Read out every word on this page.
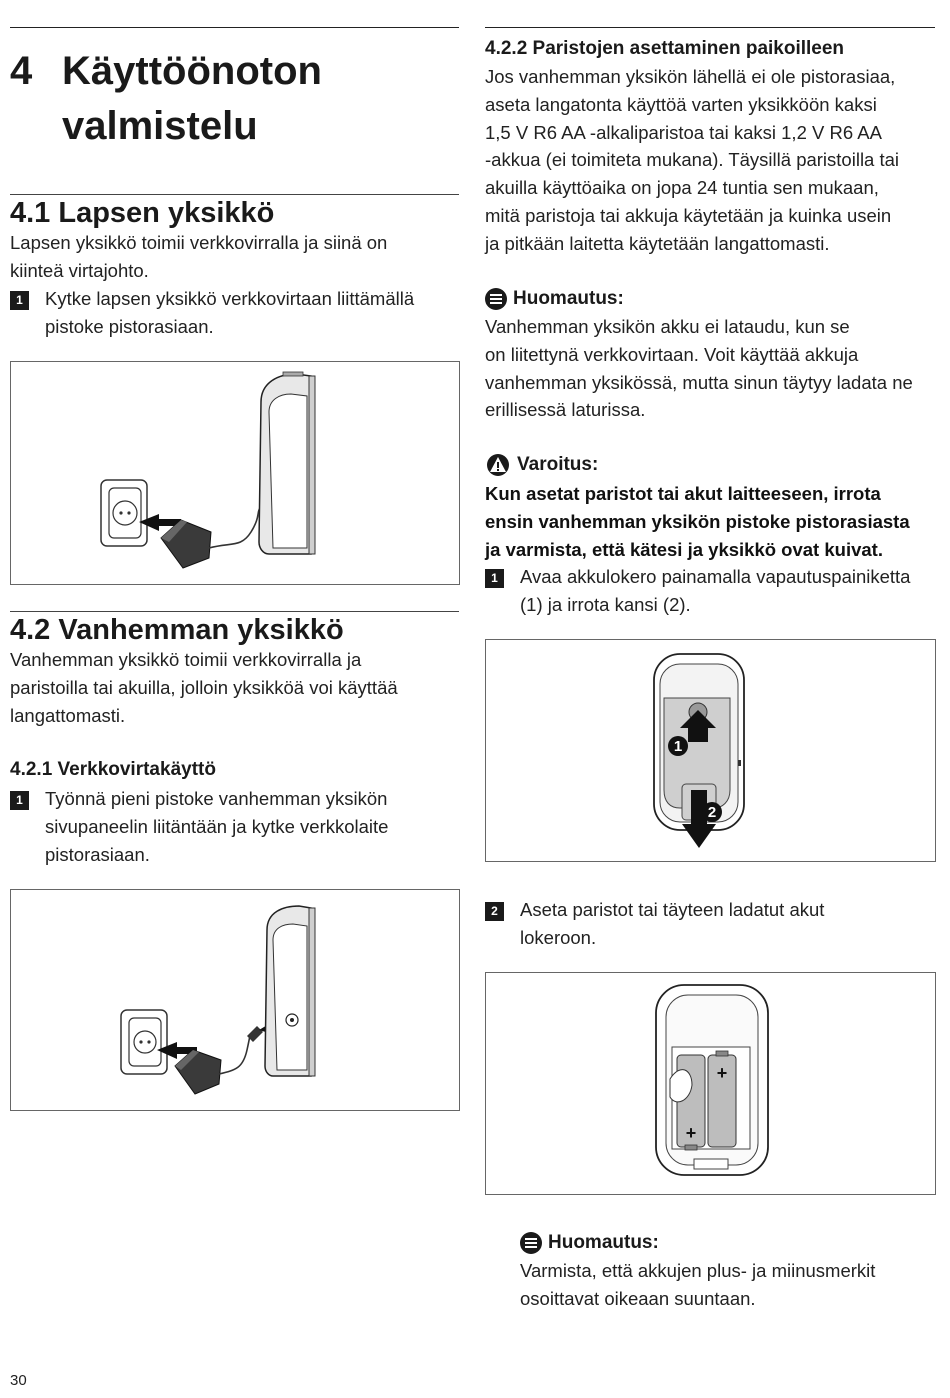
4 Käyttöönoton
valmistelu
4.1 Lapsen yksikkö

Lapsen yksikkö toimii verkkovirralla ja siinä on
kiinteä virtajohto.

1	Kytke lapsen yksikkö verkkovirtaan liittämällä
pistoke pistorasiaan.

4.2 Vanhemman yksikkö

Vanhemman yksikkö toimii verkkovirralla ja
paristoilla tai akuilla, jolloin yksikköä voi käyttää
langattomasti.

4.2.1 Verkkovirtakäyttö
1	Työnnä pieni pistoke vanhemman yksikön
sivupaneelin liitäntään ja kytke verkkolaite
pistorasiaan.

4.2.2 Paristojen asettaminen paikoilleen

Jos vanhemman yksikön lähellä ei ole pistorasiaa,
aseta langatonta käyttöä varten yksikköön kaksi
1,5 V R6 AA -alkaliparistoa tai kaksi 1,2 V R6 AA
-akkua (ei toimiteta mukana). Täysillä paristoilla tai
akuilla käyttöaika on jopa 24 tuntia sen mukaan,
mitä paristoja tai akkuja käytetään ja kuinka usein
ja pitkään laitetta käytetään langattomasti.

Huomautus:

Vanhemman yksikön akku ei lataudu, kun se
on liitettynä verkkovirtaan. Voit käyttää akkuja
vanhemman yksikössä, mutta sinun täytyy ladata ne
erillisessä laturissa.

Varoitus:

Kun asetat paristot tai akut laitteeseen, irrota
ensin vanhemman yksikön pistoke pistorasiasta
ja varmista, että kätesi ja yksikkö ovat kuivat.

1	Avaa akkulokero painamalla vapautuspainiketta
(1) ja irrota kansi (2).

1
2
2	Aseta paristot tai täyteen ladatut akut
lokeroon.

+
+
Huomautus:

Varmista, että akkujen plus- ja miinusmerkit
osoittavat oikeaan suuntaan.

30
